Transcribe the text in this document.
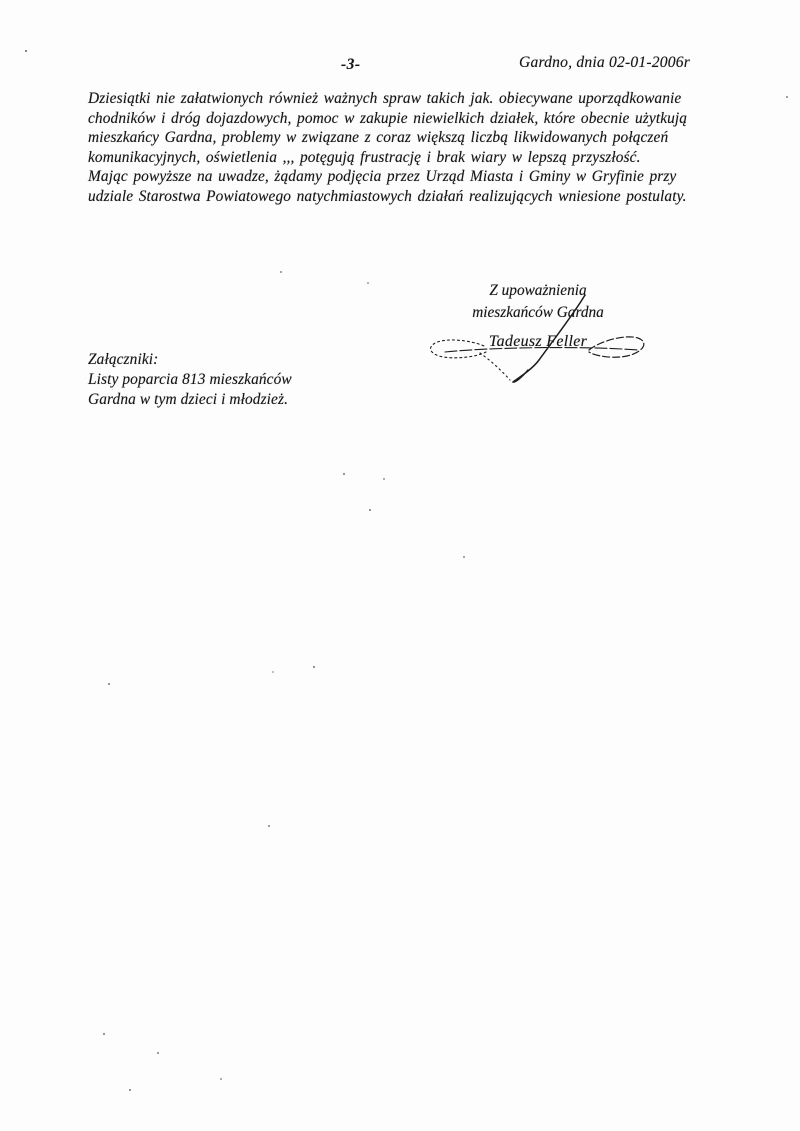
-3-	Gardno, dnia 02-01-2006r
Dziesiątki nie załatwionych również ważnych spraw takich jak. obiecywane uporządkowanie
chodników i dróg dojazdowych, pomoc w zakupie niewielkich działek, które obecnie użytkują
mieszkańcy Gardna, problemy w związane z coraz większą liczbą likwidowanych połączeń
komunikacyjnych, oświetlenia ,,, potęgują frustrację i brak wiary w lepszą przyszłość.
Mając powyższe na uwadze, żądamy podjęcia przez Urząd Miasta i Gminy w Gryfinie przy
udziale Starostwa Powiatowego natychmiastowych działań realizujących wniesione postulaty.
Z upoważnienia
mieszkańców Gardna
Tadeusz Feller
Załączniki:
Listy poparcia 813 mieszkańców
Gardna w tym dzieci i młodzież.
